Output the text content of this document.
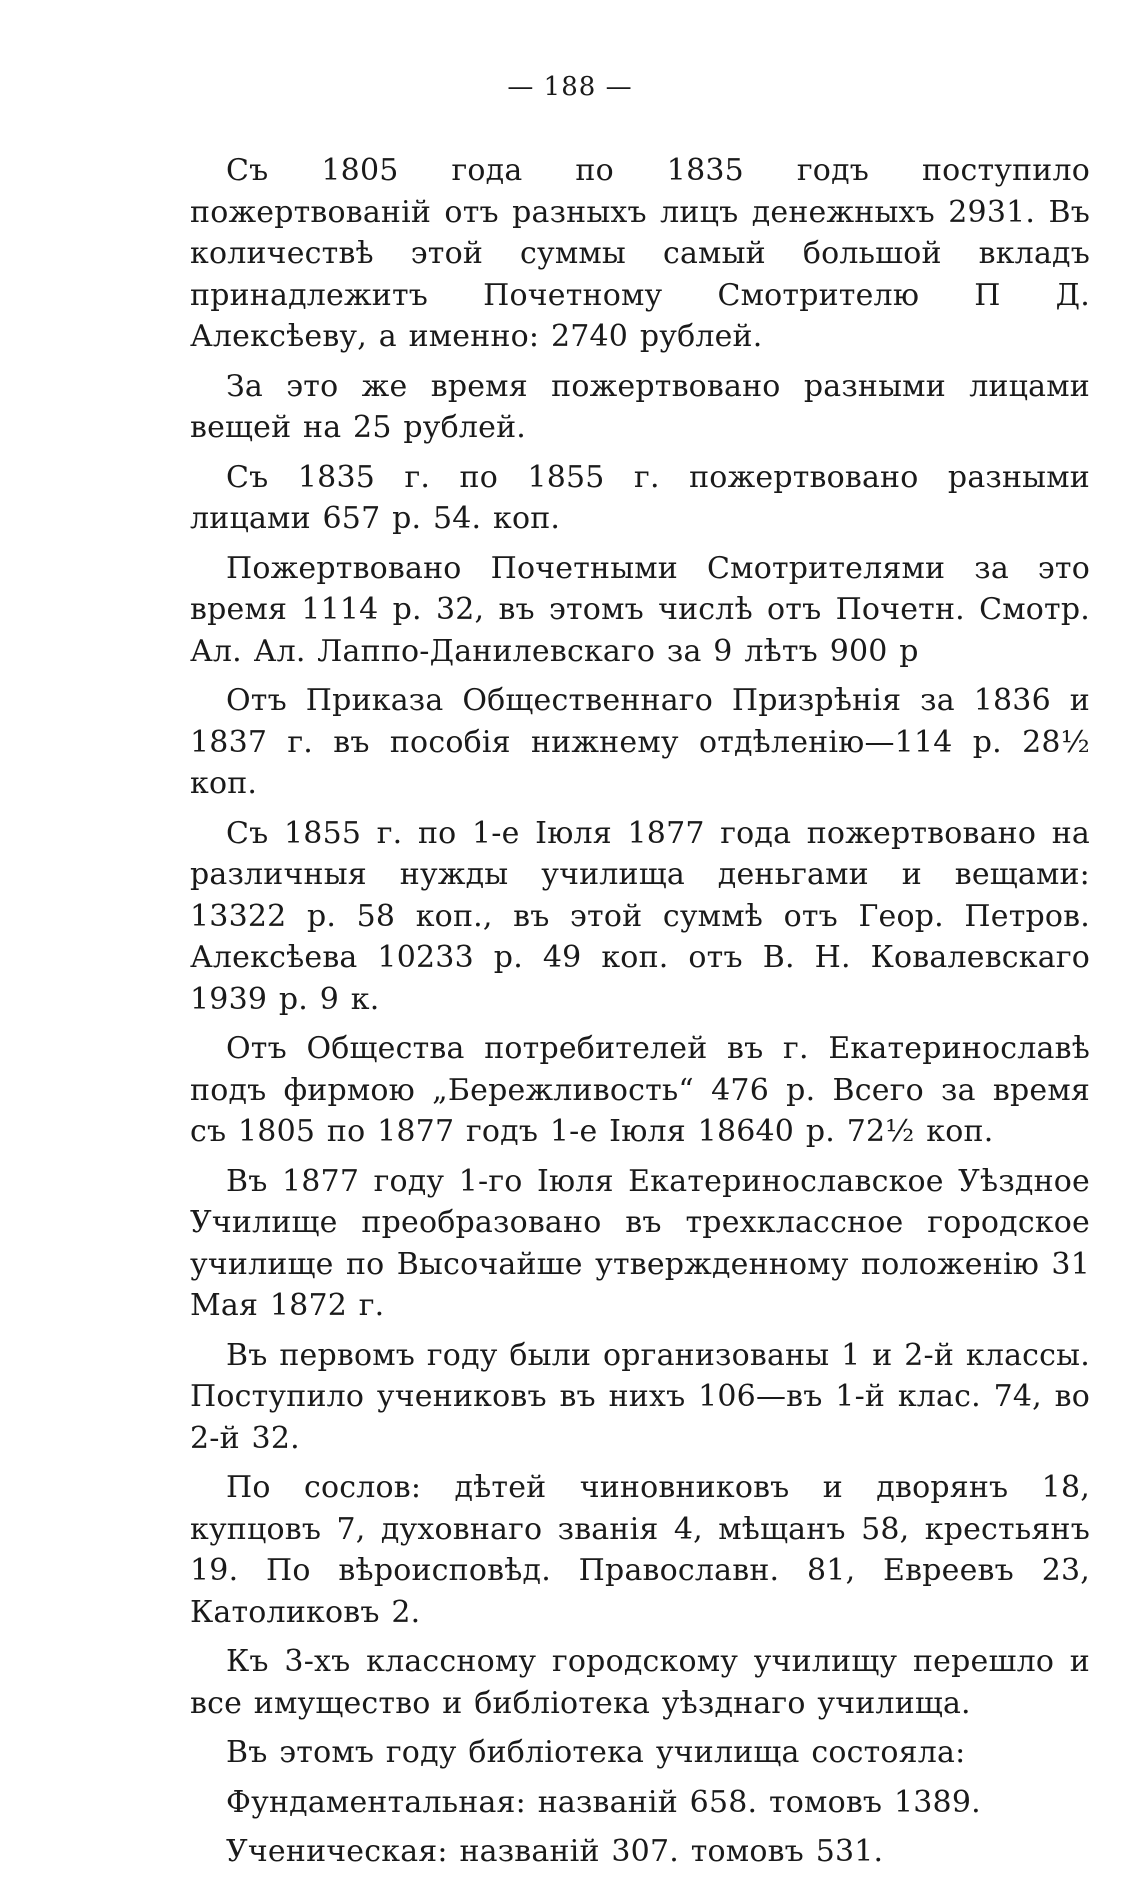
— 188 —

Съ 1805 года по 1835 годъ поступило пожертвованій отъ разныхъ лицъ денежныхъ 2931. Въ количествѣ этой суммы самый большой вкладъ принадлежитъ Почетному Смотрителю П Д. Алексѣеву, а именно: 2740 рублей.

За это же время пожертвовано разными лицами вещей на 25 рублей.

Съ 1835 г. по 1855 г. пожертвовано разными лицами 657 р. 54. коп.

Пожертвовано Почетными Смотрителями за это время 1114 р. 32, въ этомъ числѣ отъ Почетн. Смотр. Ал. Ал. Лаппо-Данилевскаго за 9 лѣтъ 900 р

Отъ Приказа Общественнаго Призрѣнія за 1836 и 1837 г. въ пособія нижнему отдѣленію—114 р. 28½ коп.

Съ 1855 г. по 1-е Іюля 1877 года пожертвовано на различныя нужды училища деньгами и вещами: 13322 р. 58 коп., въ этой суммѣ отъ Геор. Петров. Алексѣева 10233 р. 49 коп. отъ В. Н. Ковалевскаго 1939 р. 9 к.

Отъ Общества потребителей въ г. Екатеринославѣ подъ фирмою „Бережливость“ 476 р. Всего за время съ 1805 по 1877 годъ 1-е Іюля 18640 р. 72½ коп.

Въ 1877 году 1-го Іюля Екатеринославское Уѣздное Училище преобразовано въ трехклассное городское училище по Высочайше утвержденному положенію 31 Мая 1872 г.

Въ первомъ году были организованы 1 и 2-й классы. Поступило учениковъ въ нихъ 106—въ 1-й клас. 74, во 2-й 32.

По сослов: дѣтей чиновниковъ и дворянъ 18, купцовъ 7, духовнаго званія 4, мѣщанъ 58, крестьянъ 19. По вѣроисповѣд. Православн. 81, Евреевъ 23, Католиковъ 2.

Къ 3-хъ классному городскому училищу перешло и все имущество и библіотека уѣзднаго училища.

Въ этомъ году библіотека училища состояла:

Фундаментальная: названій 658. томовъ 1389.

Ученическая: названій 307. томовъ 531.
